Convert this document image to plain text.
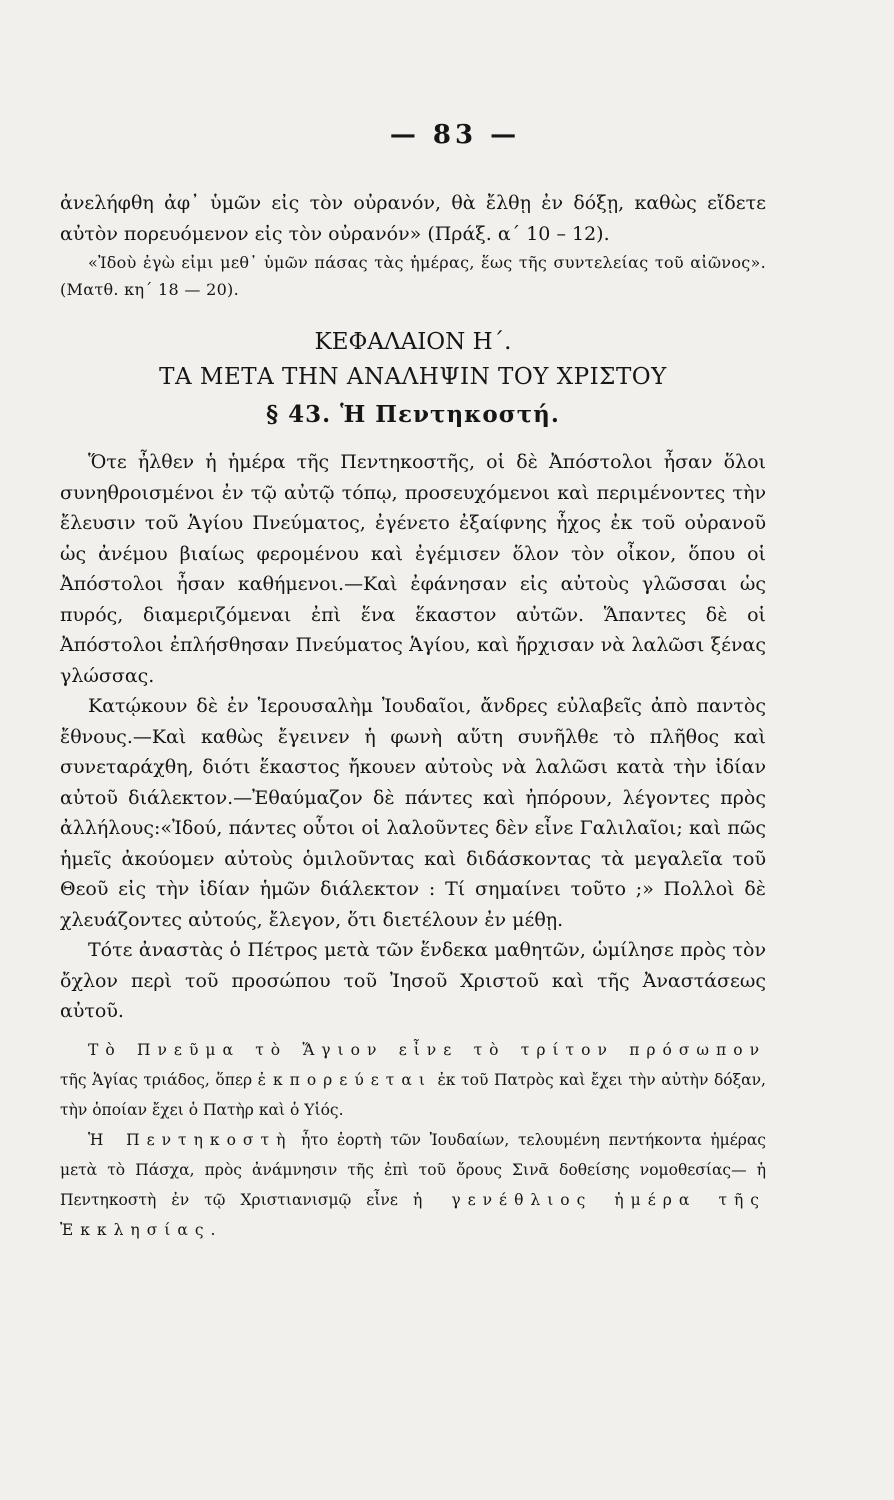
— 83 —

ἀνελήφθη ἀφ᾽ ὑμῶν εἰς τὸν οὐρανόν, θὰ ἔλθῃ ἐν δόξῃ, καθὼς εἴδετε αὐτὸν πορευόμενον εἰς τὸν οὐρανόν» (Πράξ. α΄ 10 – 12).

«Ἰδοὺ ἐγὼ εἰμι μεθ᾽ ὑμῶν πάσας τὰς ἡμέρας, ἕως τῆς συντελείας τοῦ αἰῶνος». (Ματθ. κη΄ 18 — 20).

ΚΕΦΑΛΑΙΟΝ Η΄.
ΤΑ ΜΕΤΑ ΤΗΝ ΑΝΑΛΗΨΙΝ ΤΟΥ ΧΡΙΣΤΟΥ
§ 43. Ἡ Πεντηκοστή.

Ὅτε ἦλθεν ἡ ἡμέρα τῆς Πεντηκοστῆς, οἱ δὲ Ἀπόστολοι ἦσαν ὅλοι συνηθροισμένοι ἐν τῷ αὐτῷ τόπῳ, προσευχόμενοι καὶ περιμένοντες τὴν ἔλευσιν τοῦ Ἁγίου Πνεύματος, ἐγένετο ἐξαίφνης ἦχος ἐκ τοῦ οὐρανοῦ ὡς ἀνέμου βιαίως φερομένου καὶ ἐγέμισεν ὅλον τὸν οἶκον, ὅπου οἱ Ἀπόστολοι ἦσαν καθήμενοι.—Καὶ ἐφάνησαν εἰς αὐτοὺς γλῶσσαι ὡς πυρός, διαμεριζόμεναι ἐπὶ ἕνα ἕκαστον αὐτῶν. Ἅπαντες δὲ οἱ Ἀπόστολοι ἐπλήσθησαν Πνεύματος Ἁγίου, καὶ ἤρχισαν νὰ λαλῶσι ξένας γλώσσας.

Κατῴκουν δὲ ἐν Ἱερουσαλὴμ Ἰουδαῖοι, ἄνδρες εὐλαβεῖς ἀπὸ παντὸς ἔθνους.—Καὶ καθὼς ἔγεινεν ἡ φωνὴ αὕτη συνῆλθε τὸ πλῆθος καὶ συνεταράχθη, διότι ἕκαστος ἤκουεν αὐτοὺς νὰ λαλῶσι κατὰ τὴν ἰδίαν αὐτοῦ διάλεκτον.—Ἐθαύμαζον δὲ πάντες καὶ ἠπόρουν, λέγοντες πρὸς ἀλλήλους:«Ἰδού, πάντες οὗτοι οἱ λαλοῦντες δὲν εἶνε Γαλιλαῖοι; καὶ πῶς ἡμεῖς ἀκούομεν αὐτοὺς ὁμιλοῦντας καὶ διδάσκοντας τὰ μεγαλεῖα τοῦ Θεοῦ εἰς τὴν ἰδίαν ἡμῶν διάλεκτον : Τί σημαίνει τοῦτο ;» Πολλοὶ δὲ χλευάζοντες αὐτούς, ἔλεγον, ὅτι διετέλουν ἐν μέθῃ.

Τότε ἀναστὰς ὁ Πέτρος μετὰ τῶν ἕνδεκα μαθητῶν, ὡμίλησε πρὸς τὸν ὄχλον περὶ τοῦ προσώπου τοῦ Ἰησοῦ Χριστοῦ καὶ τῆς Ἀναστάσεως αὐτοῦ.

Τὸ Πνεῦμα τὸ Ἅγιον εἶνε τὸ τρίτον πρόσωπον τῆς Ἁγίας τριάδος, ὅπερ ἐκπορεύεται ἐκ τοῦ Πατρὸς καὶ ἔχει τὴν αὐτὴν δόξαν, τὴν ὁποίαν ἔχει ὁ Πατὴρ καὶ ὁ Υἱός.

Ἡ Πεντηκοστὴ ἦτο ἑορτὴ τῶν Ἰουδαίων, τελουμένη πεντήκοντα ἡμέρας μετὰ τὸ Πάσχα, πρὸς ἀνάμνησιν τῆς ἐπὶ τοῦ ὄρους Σινᾶ δοθείσης νομοθεσίας— ἡ Πεντηκοστὴ ἐν τῷ Χριστιανισμῷ εἶνε ἡ γενέθλιος ἡμέρα τῆς Ἐκκλησίας.
